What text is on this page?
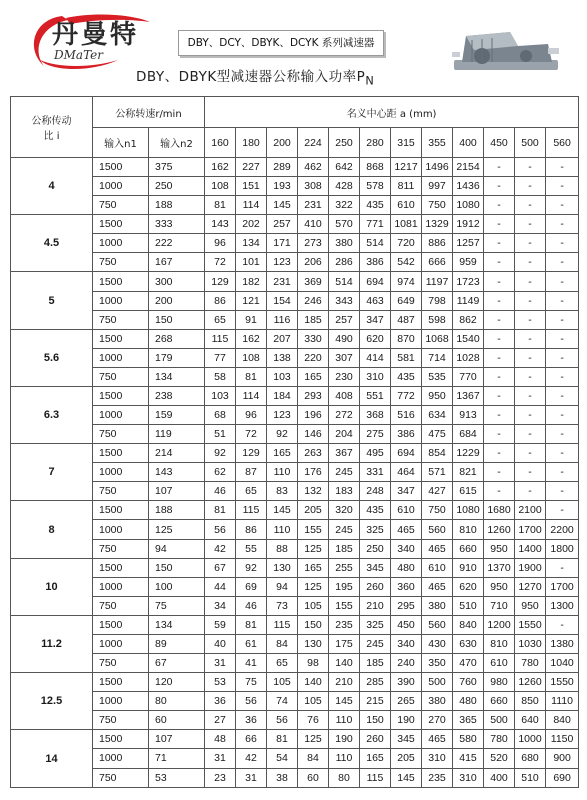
丹曼特
DMaTer
DBY、DCY、DBYK、DCYK 系列减速器
DBY、DBYK型减速器公称输入功率$P_N$
公称传动
比 i	公称转速r/min		名义中心距 a (mm)											
	输入n1	输入n2	160	180	200	224	250	280	315	355	400	450	500	560
4	1500	375	162	227	289	462	642	868	1217	1496	2154	-	-	-
	1000	250	108	151	193	308	428	578	811	997	1436	-	-	-
	750	188	81	114	145	231	322	435	610	750	1080	-	-	-
4.5	1500	333	143	202	257	410	570	771	1081	1329	1912	-	-	-
	1000	222	96	134	171	273	380	514	720	886	1257	-	-	-
	750	167	72	101	123	206	286	386	542	666	959	-	-	-
5	1500	300	129	182	231	369	514	694	974	1197	1723	-	-	-
	1000	200	86	121	154	246	343	463	649	798	1149	-	-	-
	750	150	65	91	116	185	257	347	487	598	862	-	-	-
5.6	1500	268	115	162	207	330	490	620	870	1068	1540	-	-	-
	1000	179	77	108	138	220	307	414	581	714	1028	-	-	-
	750	134	58	81	103	165	230	310	435	535	770	-	-	-
6.3	1500	238	103	114	184	293	408	551	772	950	1367	-	-	-
	1000	159	68	96	123	196	272	368	516	634	913	-	-	-
	750	119	51	72	92	146	204	275	386	475	684	-	-	-
7	1500	214	92	129	165	263	367	495	694	854	1229	-	-	-
	1000	143	62	87	110	176	245	331	464	571	821	-	-	-
	750	107	46	65	83	132	183	248	347	427	615	-	-	-
8	1500	188	81	115	145	205	320	435	610	750	1080	1680	2100	-
	1000	125	56	86	110	155	245	325	465	560	810	1260	1700	2200
	750	94	42	55	88	125	185	250	340	465	660	950	1400	1800
10	1500	150	67	92	130	165	255	345	480	610	910	1370	1900	-
	1000	100	44	69	94	125	195	260	360	465	620	950	1270	1700
	750	75	34	46	73	105	155	210	295	380	510	710	950	1300
11.2	1500	134	59	81	115	150	235	325	450	560	840	1200	1550	-
	1000	89	40	61	84	130	175	245	340	430	630	810	1030	1380
	750	67	31	41	65	98	140	185	240	350	470	610	780	1040
12.5	1500	120	53	75	105	140	210	285	390	500	760	980	1260	1550
	1000	80	36	56	74	105	145	215	265	380	480	660	850	1110
	750	60	27	36	56	76	110	150	190	270	365	500	640	840
14	1500	107	48	66	81	125	190	260	345	465	580	780	1000	1150
	1000	71	31	42	54	84	110	165	205	310	415	520	680	900
	750	53	23	31	38	60	80	115	145	235	310	400	510	690
